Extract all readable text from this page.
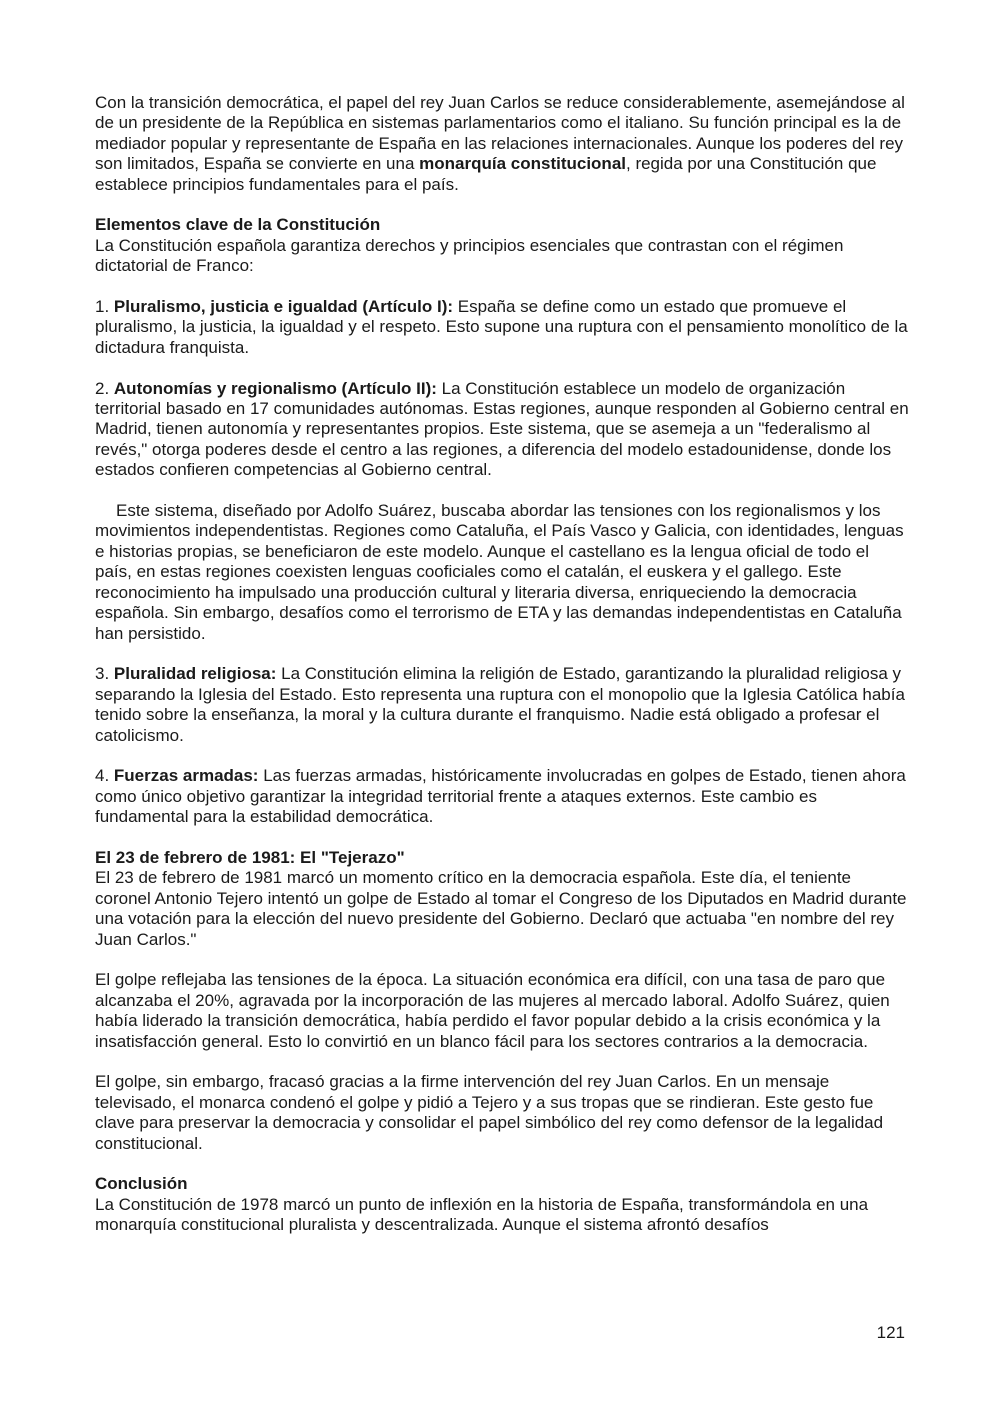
Con la transición democrática, el papel del rey Juan Carlos se reduce considerablemente, asemejándose al de un presidente de la República en sistemas parlamentarios como el italiano. Su función principal es la de mediador popular y representante de España en las relaciones internacionales. Aunque los poderes del rey son limitados, España se convierte en una monarquía constitucional, regida por una Constitución que establece principios fundamentales para el país.

Elementos clave de la Constitución
La Constitución española garantiza derechos y principios esenciales que contrastan con el régimen dictatorial de Franco:

1. Pluralismo, justicia e igualdad (Artículo I): España se define como un estado que promueve el pluralismo, la justicia, la igualdad y el respeto. Esto supone una ruptura con el pensamiento monolítico de la dictadura franquista.

2. Autonomías y regionalismo (Artículo II): La Constitución establece un modelo de organización territorial basado en 17 comunidades autónomas. Estas regiones, aunque responden al Gobierno central en Madrid, tienen autonomía y representantes propios. Este sistema, que se asemeja a un "federalismo al revés," otorga poderes desde el centro a las regiones, a diferencia del modelo estadounidense, donde los estados confieren competencias al Gobierno central.

Este sistema, diseñado por Adolfo Suárez, buscaba abordar las tensiones con los regionalismos y los movimientos independentistas. Regiones como Cataluña, el País Vasco y Galicia, con identidades, lenguas e historias propias, se beneficiaron de este modelo. Aunque el castellano es la lengua oficial de todo el país, en estas regiones coexisten lenguas cooficiales como el catalán, el euskera y el gallego. Este reconocimiento ha impulsado una producción cultural y literaria diversa, enriqueciendo la democracia española. Sin embargo, desafíos como el terrorismo de ETA y las demandas independentistas en Cataluña han persistido.

3. Pluralidad religiosa: La Constitución elimina la religión de Estado, garantizando la pluralidad religiosa y separando la Iglesia del Estado. Esto representa una ruptura con el monopolio que la Iglesia Católica había tenido sobre la enseñanza, la moral y la cultura durante el franquismo. Nadie está obligado a profesar el catolicismo.

4. Fuerzas armadas: Las fuerzas armadas, históricamente involucradas en golpes de Estado, tienen ahora como único objetivo garantizar la integridad territorial frente a ataques externos. Este cambio es fundamental para la estabilidad democrática.

El 23 de febrero de 1981: El "Tejerazo"
El 23 de febrero de 1981 marcó un momento crítico en la democracia española. Este día, el teniente coronel Antonio Tejero intentó un golpe de Estado al tomar el Congreso de los Diputados en Madrid durante una votación para la elección del nuevo presidente del Gobierno. Declaró que actuaba "en nombre del rey Juan Carlos."

El golpe reflejaba las tensiones de la época. La situación económica era difícil, con una tasa de paro que alcanzaba el 20%, agravada por la incorporación de las mujeres al mercado laboral. Adolfo Suárez, quien había liderado la transición democrática, había perdido el favor popular debido a la crisis económica y la insatisfacción general. Esto lo convirtió en un blanco fácil para los sectores contrarios a la democracia.

El golpe, sin embargo, fracasó gracias a la firme intervención del rey Juan Carlos. En un mensaje televisado, el monarca condenó el golpe y pidió a Tejero y a sus tropas que se rindieran. Este gesto fue clave para preservar la democracia y consolidar el papel simbólico del rey como defensor de la legalidad constitucional.

Conclusión
La Constitución de 1978 marcó un punto de inflexión en la historia de España, transformándola en una monarquía constitucional pluralista y descentralizada. Aunque el sistema afrontó desafíos

121
